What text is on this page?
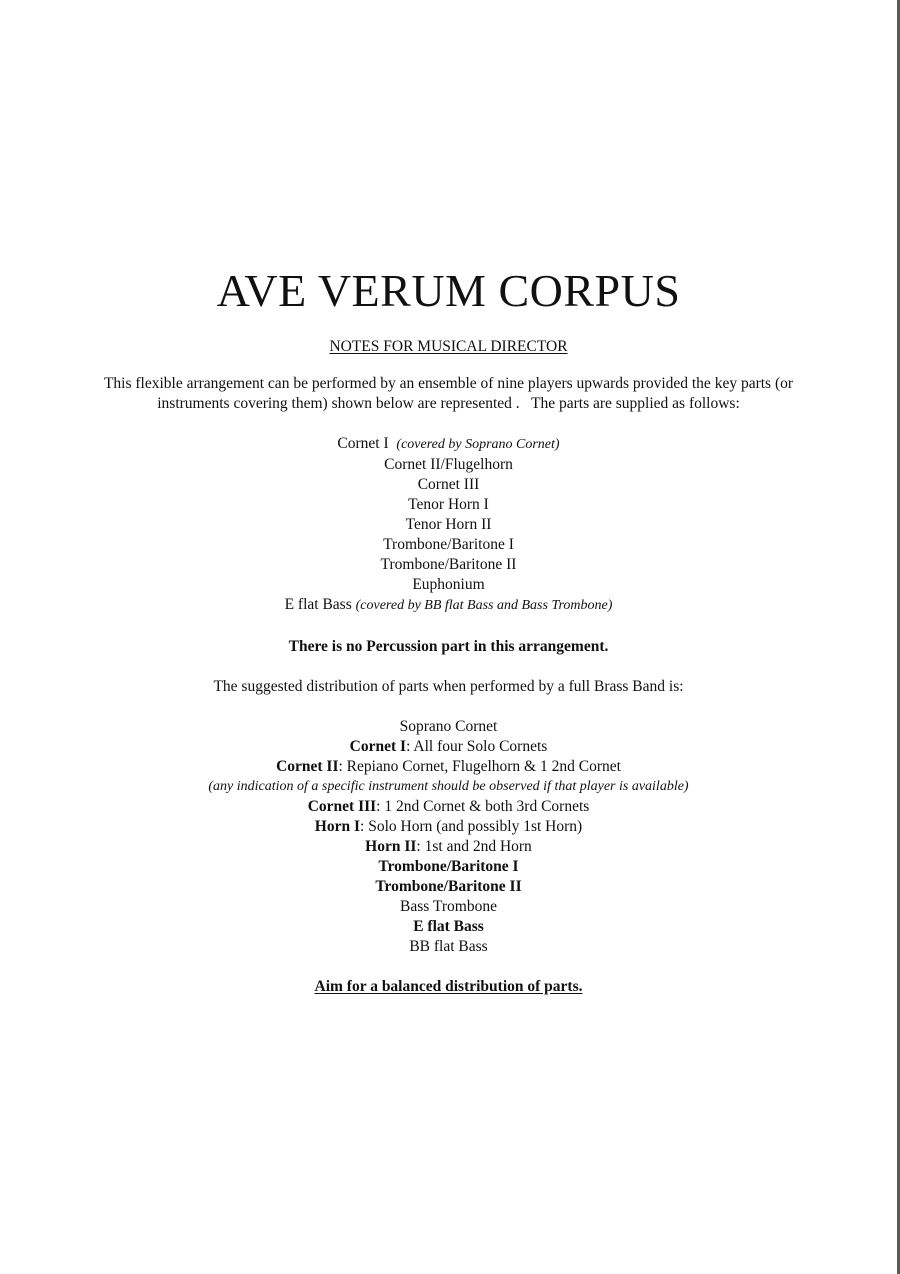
AVE VERUM CORPUS
NOTES FOR MUSICAL DIRECTOR
This flexible arrangement can be performed by an ensemble of nine players upwards provided the key parts (or
instruments covering them) shown below are represented .   The parts are supplied as follows:
Cornet I (covered by Soprano Cornet)
Cornet II/Flugelhorn
Cornet III
Tenor Horn I
Tenor Horn II
Trombone/Baritone I
Trombone/Baritone II
Euphonium
E flat Bass (covered by BB flat Bass and Bass Trombone)
There is no Percussion part in this arrangement.
The suggested distribution of parts when performed by a full Brass Band is:
Soprano Cornet
Cornet I: All four Solo Cornets
Cornet II: Repiano Cornet, Flugelhorn & 1 2nd Cornet
(any indication of a specific instrument should be observed if that player is available)
Cornet III: 1 2nd Cornet & both 3rd Cornets
Horn I: Solo Horn (and possibly 1st Horn)
Horn II: 1st and 2nd Horn
Trombone/Baritone I
Trombone/Baritone II
Bass Trombone
E flat Bass
BB flat Bass
Aim for a balanced distribution of parts.
